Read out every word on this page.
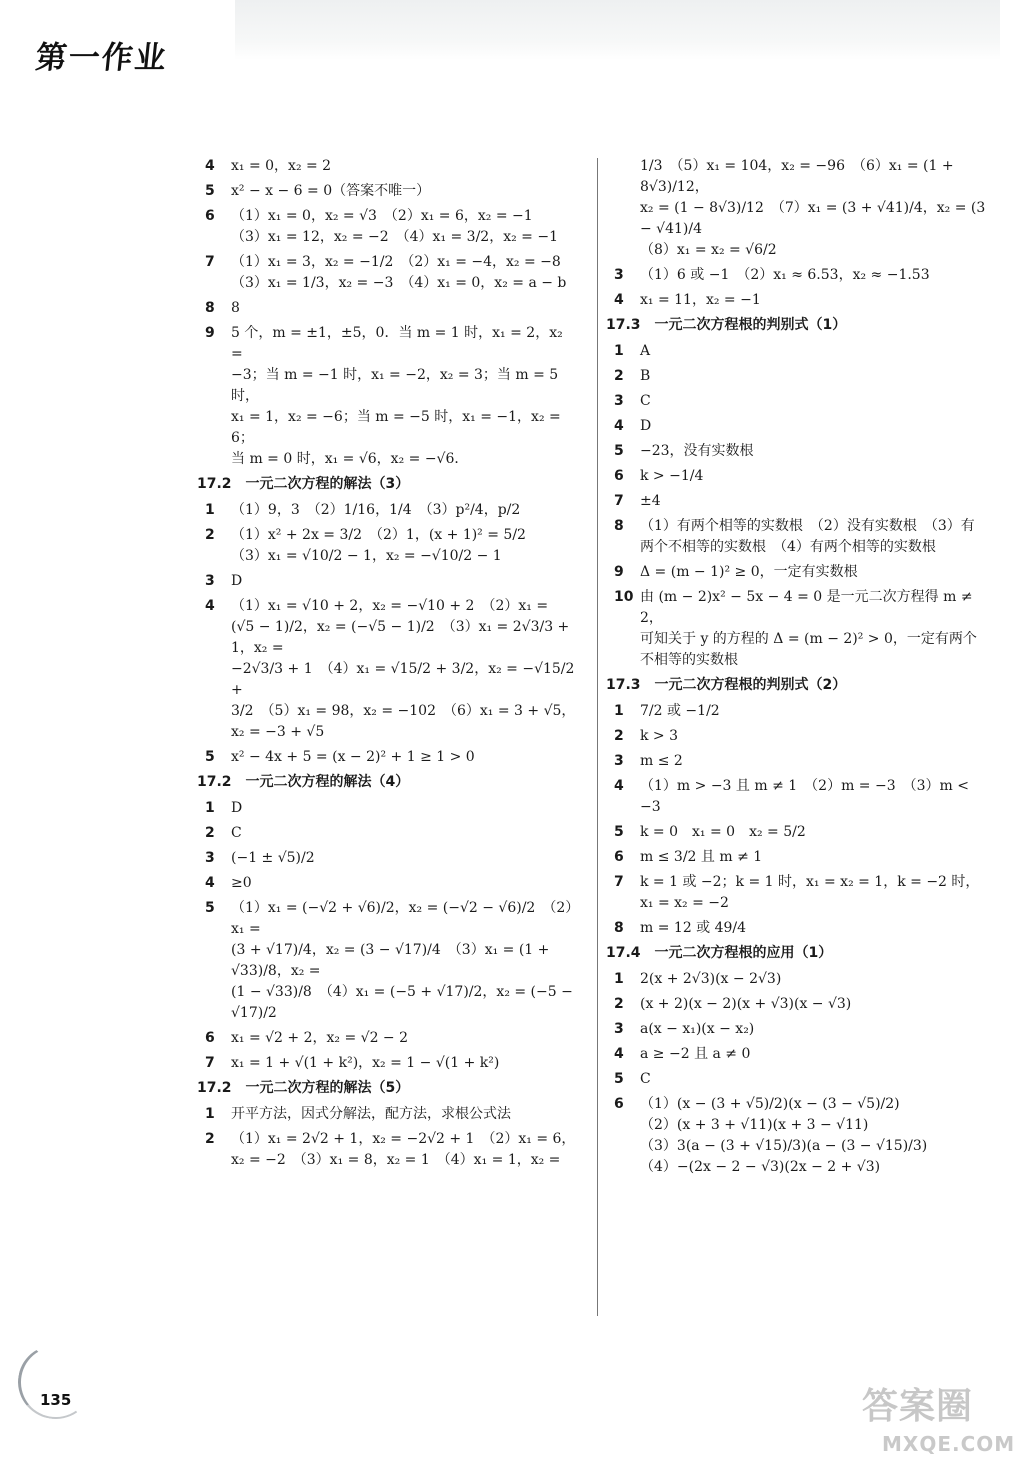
第一作业
4	x₁ = 0，x₂ = 2
5	x² − x − 6 = 0（答案不唯一）
6	（1）x₁ = 0，x₂ = √3　（2）x₁ = 6，x₂ = −1
（3）x₁ = 12，x₂ = −2　（4）x₁ = 3/2，x₂ = −1
7	（1）x₁ = 3，x₂ = −1/2　（2）x₁ = −4，x₂ = −8
（3）x₁ = 1/3，x₂ = −3　（4）x₁ = 0，x₂ = a − b
8	8
9	5 个，m = ±1，±5，0．当 m = 1 时，x₁ = 2，x₂ =
−3；当 m = −1 时，x₁ = −2，x₂ = 3；当 m = 5 时，
x₁ = 1，x₂ = −6；当 m = −5 时，x₁ = −1，x₂ = 6；
当 m = 0 时，x₁ = √6，x₂ = −√6．
17.2　一元二次方程的解法（3）
1	（1）9，3　（2）1/16，1/4　（3）p²/4，p/2
2	（1）x² + 2x = 3/2　（2）1，(x + 1)² = 5/2
（3）x₁ = √10/2 − 1，x₂ = −√10/2 − 1
3	D
4	（1）x₁ = √10 + 2，x₂ = −√10 + 2　（2）x₁ =
(√5 − 1)/2，x₂ = (−√5 − 1)/2　（3）x₁ = 2√3/3 + 1，x₂ =
−2√3/3 + 1　（4）x₁ = √15/2 + 3/2，x₂ = −√15/2 +
3/2　（5）x₁ = 98，x₂ = −102　（6）x₁ = 3 + √5，
x₂ = −3 + √5
5	x² − 4x + 5 = (x − 2)² + 1 ≥ 1 > 0
17.2　一元二次方程的解法（4）
1	D
2	C
3	(−1 ± √5)/2
4	≥0
5	（1）x₁ = (−√2 + √6)/2，x₂ = (−√2 − √6)/2　（2）x₁ =
(3 + √17)/4，x₂ = (3 − √17)/4　（3）x₁ = (1 + √33)/8，x₂ =
(1 − √33)/8　（4）x₁ = (−5 + √17)/2，x₂ = (−5 − √17)/2
6	x₁ = √2 + 2，x₂ = √2 − 2
7	x₁ = 1 + √(1 + k²)，x₂ = 1 − √(1 + k²)
17.2　一元二次方程的解法（5）
1	开平方法，因式分解法，配方法，求根公式法
2	（1）x₁ = 2√2 + 1，x₂ = −2√2 + 1　（2）x₁ = 6，
x₂ = −2　（3）x₁ = 8，x₂ = 1　（4）x₁ = 1，x₂ =
1/3　（5）x₁ = 104，x₂ = −96　（6）x₁ = (1 + 8√3)/12，
x₂ = (1 − 8√3)/12　（7）x₁ = (3 + √41)/4，x₂ = (3 − √41)/4
（8）x₁ = x₂ = √6/2
3	（1）6 或 −1　（2）x₁ ≈ 6.53，x₂ ≈ −1.53
4	x₁ = 11，x₂ = −1
17.3　一元二次方程根的判别式（1）
1	A
2	B
3	C
4	D
5	−23，没有实数根
6	k > −1/4
7	±4
8	（1）有两个相等的实数根　（2）没有实数根　（3）有
两个不相等的实数根　（4）有两个相等的实数根
9	Δ = (m − 1)² ≥ 0，一定有实数根
10 由 (m − 2)x² − 5x − 4 = 0 是一元二次方程得 m ≠ 2，
可知关于 y 的方程的 Δ = (m − 2)² > 0，一定有两个
不相等的实数根
17.3　一元二次方程根的判别式（2）
1	7/2 或 −1/2
2	k > 3
3	m ≤ 2
4	（1）m > −3 且 m ≠ 1　（2）m = −3　（3）m < −3
5	k = 0　x₁ = 0　x₂ = 5/2
6	m ≤ 3/2 且 m ≠ 1
7	k = 1 或 −2；k = 1 时，x₁ = x₂ = 1，k = −2 时，
x₁ = x₂ = −2
8	m = 12 或 49/4
17.4　一元二次方程根的应用（1）
1	2(x + 2√3)(x − 2√3)
2	(x + 2)(x − 2)(x + √3)(x − √3)
3	a(x − x₁)(x − x₂)
4	a ≥ −2 且 a ≠ 0
5	C
6	（1）(x − (3 + √5)/2)(x − (3 − √5)/2)
（2）(x + 3 + √11)(x + 3 − √11)
（3）3(a − (3 + √15)/3)(a − (3 − √15)/3)
（4）−(2x − 2 − √3)(2x − 2 + √3)
135	答案圈
MXQE.COM
